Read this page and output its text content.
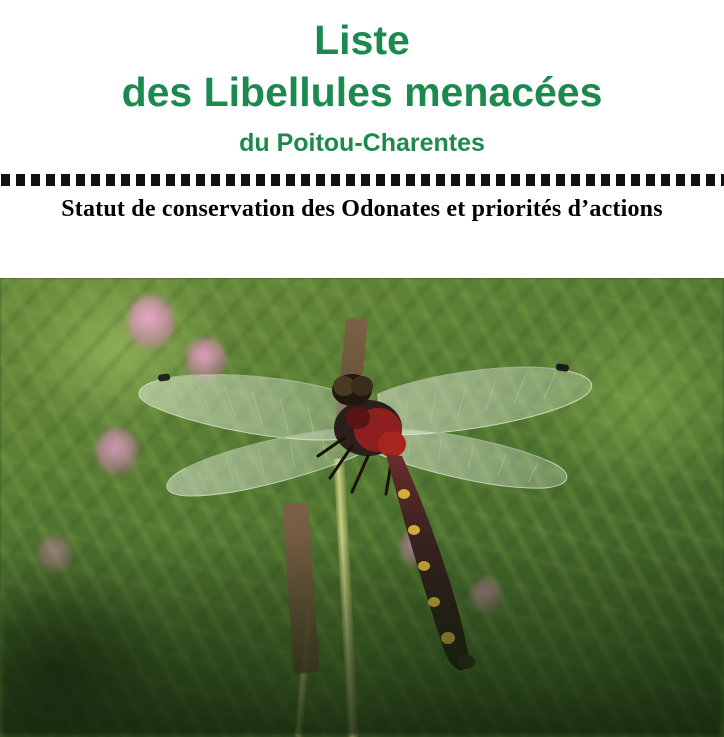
Liste
des Libellules menacées
du Poitou-Charentes
Statut de conservation des Odonates et priorités d’actions
